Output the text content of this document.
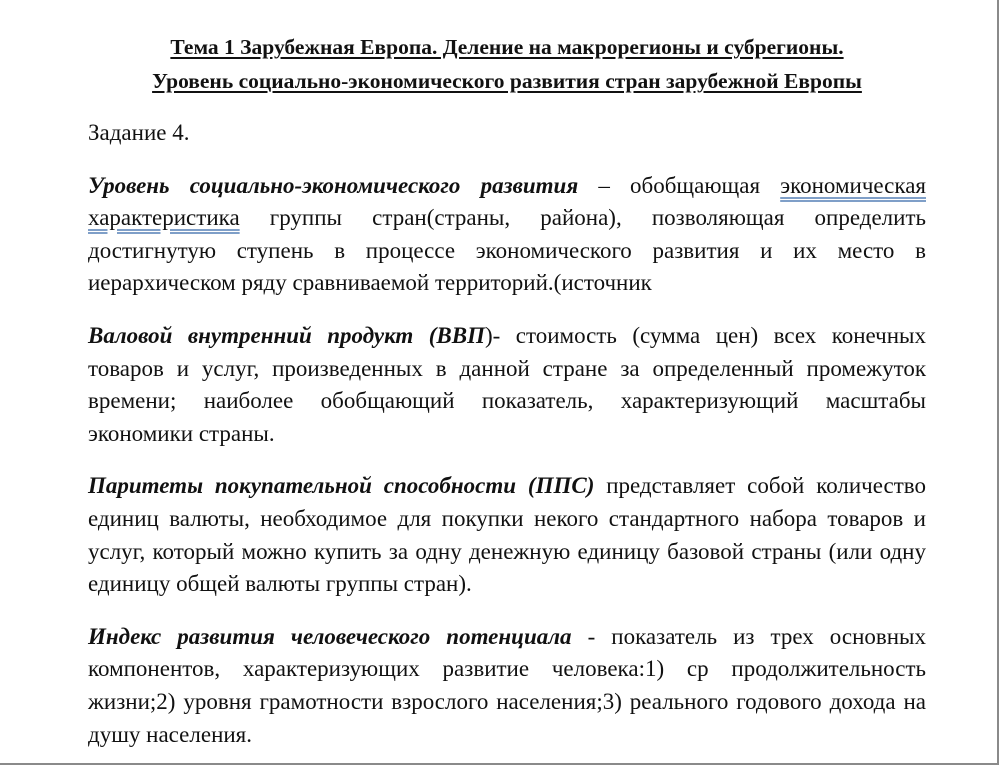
Тема 1 Зарубежная Европа. Деление на макрорегионы и субрегионы.
Уровень социально-экономического развития стран зарубежной Европы
Задание 4.

Уровень социально-экономического развития – обобщающая экономическая характеристика группы стран(страны, района), позволяющая определить достигнутую ступень в процессе экономического развития и их место в иерархическом ряду сравниваемой территорий.(источник

Валовой внутренний продукт (ВВП)- стоимость (сумма цен) всех конечных товаров и услуг, произведенных в данной стране за определенный промежуток времени; наиболее обобщающий показатель, характеризующий масштабы экономики страны.

Паритеты покупательной способности (ППС) представляет собой количество единиц валюты, необходимое для покупки некого стандартного набора товаров и услуг, который можно купить за одну денежную единицу базовой страны (или одну единицу общей валюты группы стран).

Индекс развития человеческого потенциала - показатель из трех основных компонентов, характеризующих развитие человека:1) ср продолжительность жизни;2) уровня грамотности взрослого населения;3) реального годового дохода на душу населения.
